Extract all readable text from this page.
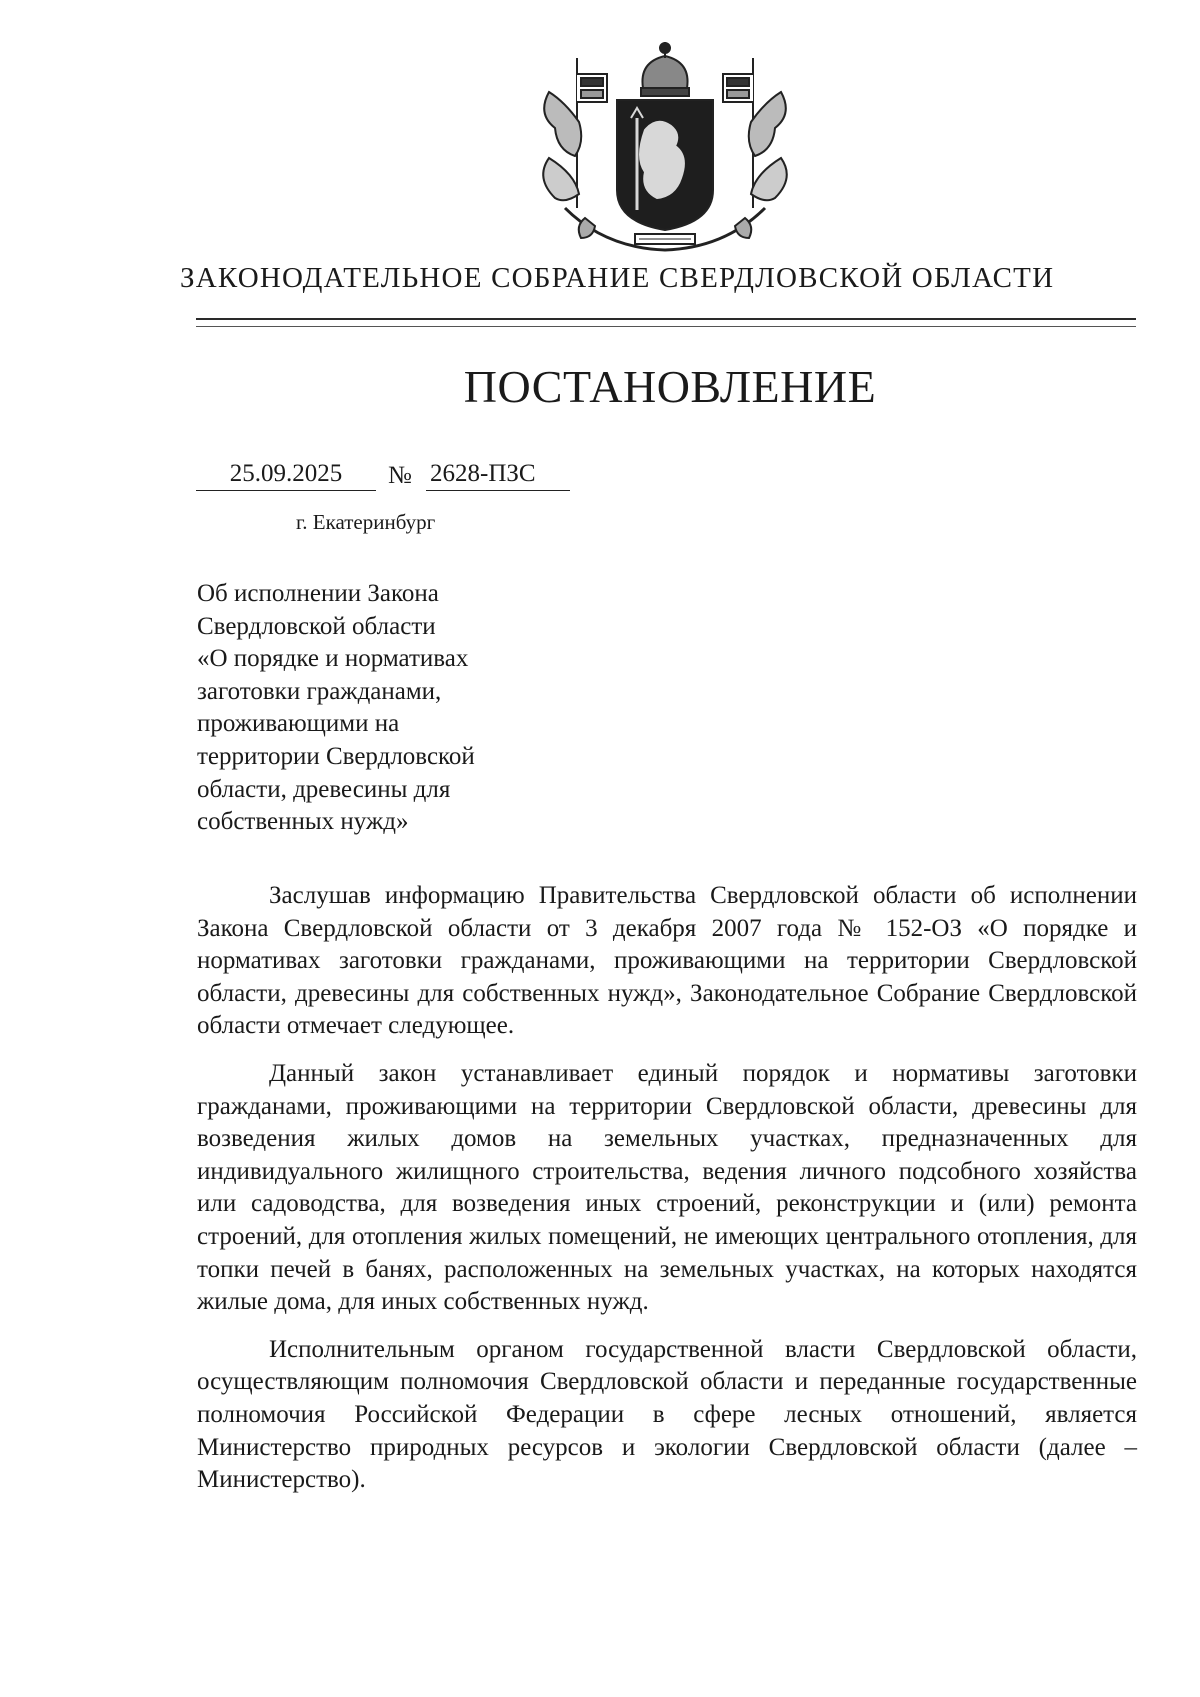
ЗАКОНОДАТЕЛЬНОЕ СОБРАНИЕ СВЕРДЛОВСКОЙ ОБЛАСТИ
ПОСТАНОВЛЕНИЕ
25.09.2025	№ 2628-ПЗС
г. Екатеринбург
Об исполнении Закона
Свердловской области
«О порядке и нормативах
заготовки гражданами,
проживающими на
территории Свердловской
области, древесины для
собственных нужд»

Заслушав информацию Правительства Свердловской области об исполнении Закона Свердловской области от 3 декабря 2007 года № 152-ОЗ «О порядке и нормативах заготовки гражданами, проживающими на территории Свердловской области, древесины для собственных нужд», Законодательное Собрание Свердловской области отмечает следующее.

Данный закон устанавливает единый порядок и нормативы заготовки гражданами, проживающими на территории Свердловской области, древесины для возведения жилых домов на земельных участках, предназначенных для индивидуального жилищного строительства, ведения личного подсобного хозяйства или садоводства, для возведения иных строений, реконструкции и (или) ремонта строений, для отопления жилых помещений, не имеющих центрального отопления, для топки печей в банях, расположенных на земельных участках, на которых находятся жилые дома, для иных собственных нужд.

Исполнительным органом государственной власти Свердловской области, осуществляющим полномочия Свердловской области и переданные государственные полномочия Российской Федерации в сфере лесных отношений, является Министерство природных ресурсов и экологии Свердловской области (далее – Министерство).
